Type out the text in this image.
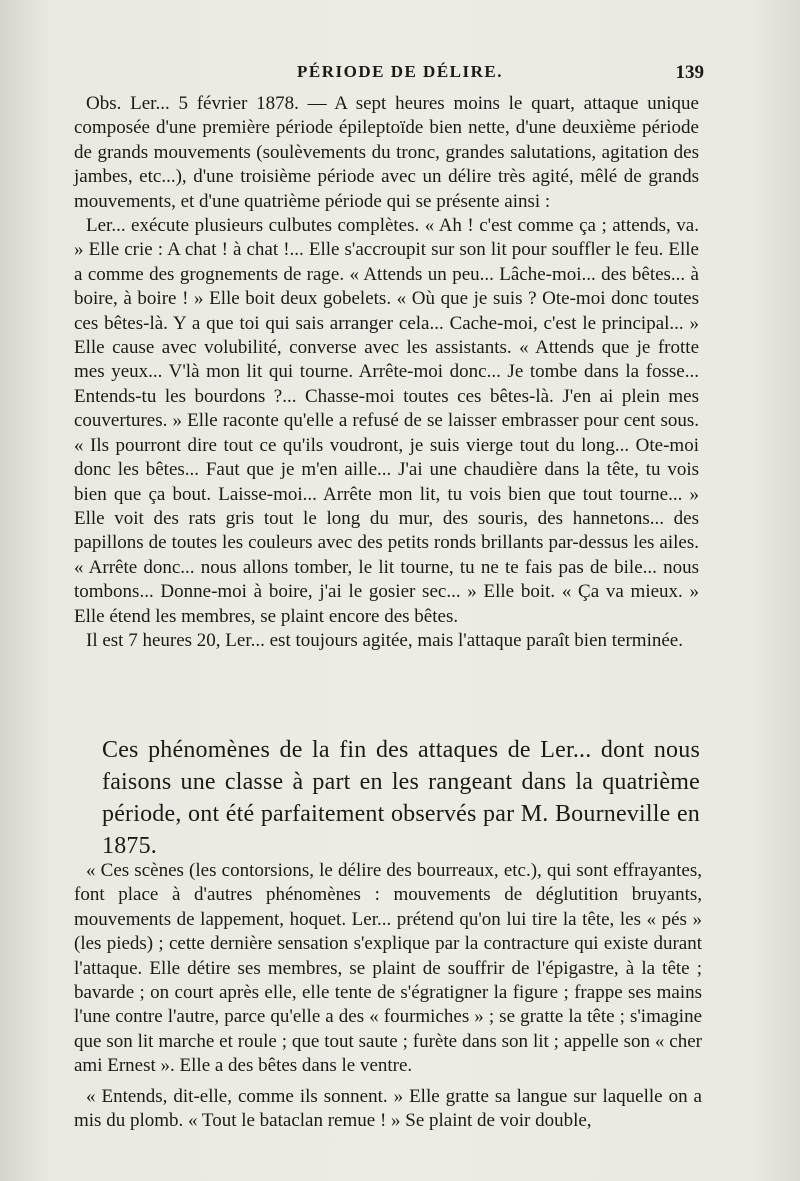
PÉRIODE DE DÉLIRE.	139

Obs. Ler... 5 février 1878. — A sept heures moins le quart, attaque unique composée d'une première période épileptoïde bien nette, d'une deuxième période de grands mouvements (soulèvements du tronc, grandes salutations, agitation des jambes, etc...), d'une troisième période avec un délire très agité, mêlé de grands mouvements, et d'une quatrième période qui se présente ainsi :

Ler... exécute plusieurs culbutes complètes. « Ah ! c'est comme ça ; attends, va. » Elle crie : A chat ! à chat !... Elle s'accroupit sur son lit pour souffler le feu. Elle a comme des grognements de rage. « Attends un peu... Lâche-moi... des bêtes... à boire, à boire ! » Elle boit deux gobelets. « Où que je suis ? Ote-moi donc toutes ces bêtes-là. Y a que toi qui sais arranger cela... Cache-moi, c'est le principal... » Elle cause avec volubilité, converse avec les assistants. « Attends que je frotte mes yeux... V'là mon lit qui tourne. Arrête-moi donc... Je tombe dans la fosse... Entends-tu les bourdons ?... Chasse-moi toutes ces bêtes-là. J'en ai plein mes couvertures. » Elle raconte qu'elle a refusé de se laisser embrasser pour cent sous. « Ils pourront dire tout ce qu'ils voudront, je suis vierge tout du long... Ote-moi donc les bêtes... Faut que je m'en aille... J'ai une chaudière dans la tête, tu vois bien que ça bout. Laisse-moi... Arrête mon lit, tu vois bien que tout tourne... » Elle voit des rats gris tout le long du mur, des souris, des hannetons... des papillons de toutes les couleurs avec des petits ronds brillants par-dessus les ailes. « Arrête donc... nous allons tomber, le lit tourne, tu ne te fais pas de bile... nous tombons... Donne-moi à boire, j'ai le gosier sec... » Elle boit. « Ça va mieux. » Elle étend les membres, se plaint encore des bêtes.

Il est 7 heures 20, Ler... est toujours agitée, mais l'attaque paraît bien terminée.

Ces phénomènes de la fin des attaques de Ler... dont nous faisons une classe à part en les rangeant dans la quatrième période, ont été parfaitement observés par M. Bourneville en 1875.

« Ces scènes (les contorsions, le délire des bourreaux, etc.), qui sont effrayantes, font place à d'autres phénomènes : mouvements de déglutition bruyants, mouvements de lappement, hoquet. Ler... prétend qu'on lui tire la tête, les « pés » (les pieds) ; cette dernière sensation s'explique par la contracture qui existe durant l'attaque. Elle détire ses membres, se plaint de souffrir de l'épigastre, à la tête ; bavarde ; on court après elle, elle tente de s'égratigner la figure ; frappe ses mains l'une contre l'autre, parce qu'elle a des « fourmiches » ; se gratte la tête ; s'imagine que son lit marche et roule ; que tout saute ; furète dans son lit ; appelle son « cher ami Ernest ». Elle a des bêtes dans le ventre.

« Entends, dit-elle, comme ils sonnent. » Elle gratte sa langue sur laquelle on a mis du plomb. « Tout le bataclan remue ! » Se plaint de voir double,
